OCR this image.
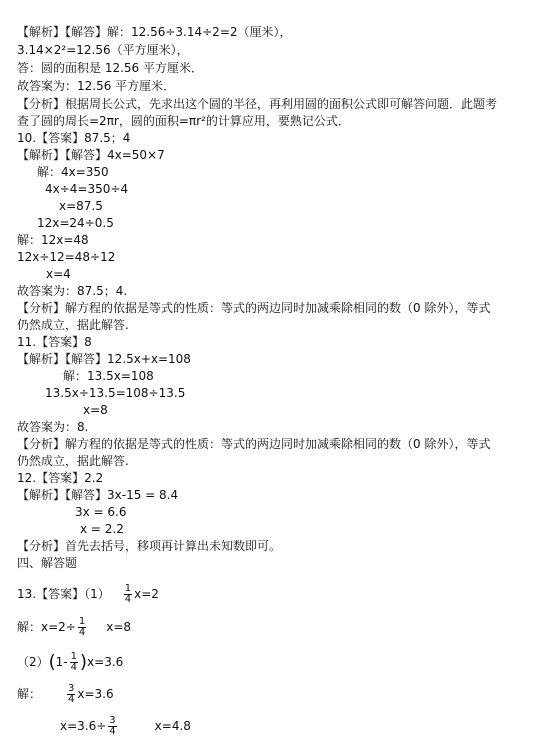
【解析】【解答】解：12.56÷3.14÷2=2（厘米），
3.14×2²=12.56（平方厘米），
答：圆的面积是 12.56 平方厘米．
故答案为：12.56 平方厘米．
【分析】根据周长公式，先求出这个圆的半径，再利用圆的面积公式即可解答问题．此题考
查了圆的周长=2πr，圆的面积=πr²的计算应用，要熟记公式．
10.【答案】87.5；4
【解析】【解答】4x=50×7
解：4x=350
4x÷4=350÷4
x=87.5
12x=24÷0.5
解：12x=48
12x÷12=48÷12
x=4
故答案为：87.5；4.
【分析】解方程的依据是等式的性质：等式的两边同时加减乘除相同的数（0 除外），等式
仍然成立，据此解答.
11.【答案】8
【解析】【解答】12.5x+x=108
解：13.5x=108
13.5x÷13.5=108÷13.5
x=8
故答案为：8.
【分析】解方程的依据是等式的性质：等式的两边同时加减乘除相同的数（0 除外），等式
仍然成立，据此解答.
12.【答案】2.2
【解析】【解答】3x-15 = 8.4
3x = 6.6
x = 2.2
【分析】首先去括号，移项再计算出未知数即可。
四、解答题
13.【答案】$(1) \frac{1}{4} x=2$
解：$x=2\div \frac{1}{4} x=8$
$(2)(1- \frac{1}{4} )x=3.6$
解：	$\frac{3}{4} x=3.6$
$x=3.6\div \frac{3}{4}$	x=4.8
